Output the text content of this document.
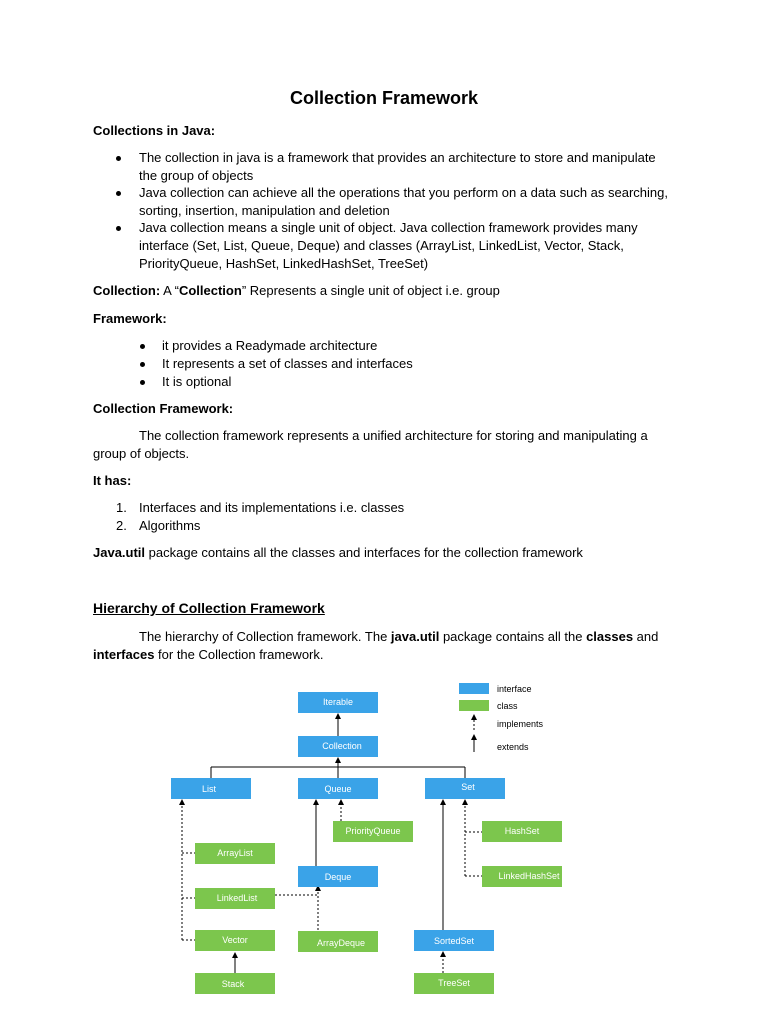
Collection Framework
Collections in Java:
The collection in java is a framework that provides an architecture to store and manipulate
the group of objects
Java collection can achieve all the operations that you perform on a data such as searching,
sorting, insertion, manipulation and deletion
Java collection means a single unit of object. Java collection framework provides many
interface (Set, List, Queue, Deque) and classes (ArrayList, LinkedList, Vector, Stack,
PriorityQueue, HashSet, LinkedHashSet, TreeSet)
Collection: A “Collection” Represents a single unit of object i.e. group
Framework:
it provides a Readymade architecture
It represents a set of classes and interfaces
It is optional
Collection Framework:
The collection framework represents a unified architecture for storing and manipulating a
group of objects.
It has:
1. Interfaces and its implementations i.e. classes
2. Algorithms
Java.util package contains all the classes and interfaces for the collection framework
Hierarchy of Collection Framework
The hierarchy of Collection framework. The java.util package contains all the classes and
interfaces for the Collection framework.
Iterable
Collection
List	Queue	Set
PriorityQueue	HashSet
ArrayList
Deque	LinkedHashSet
LinkedList
Vector	ArrayDeque	SortedSet
Stack	TreeSet
interface
class
implements
extends
